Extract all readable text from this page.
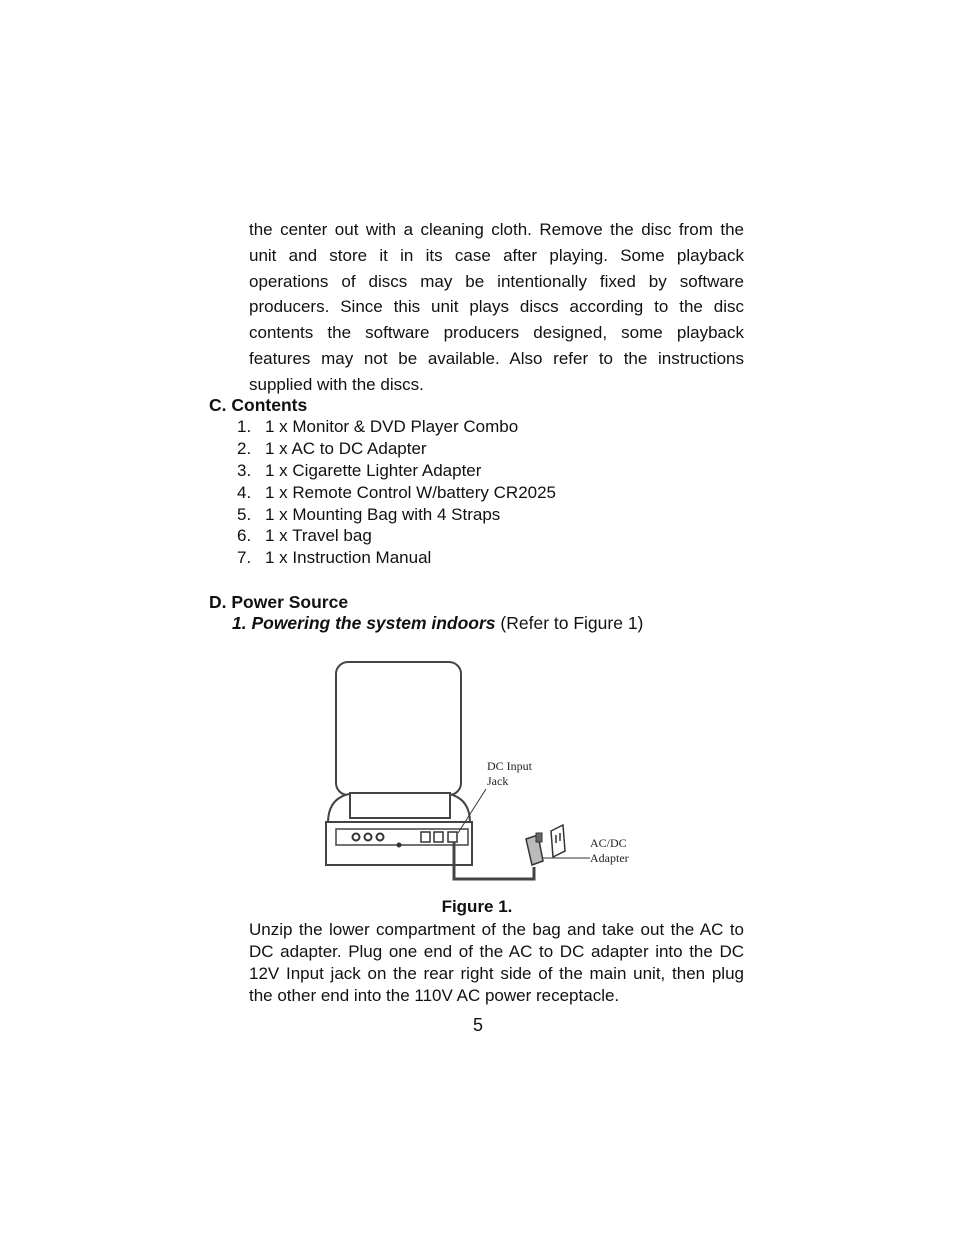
the center out with a cleaning cloth. Remove the disc from the unit and store it in its case after playing. Some playback operations of discs may be intentionally fixed by software producers. Since this unit plays discs according to the disc contents the software producers designed, some playback features may not be available. Also refer to the instructions supplied with the discs.

C. Contents
1. 1 x Monitor & DVD Player Combo
2. 1 x AC to DC Adapter
3. 1 x Cigarette Lighter Adapter
4. 1 x Remote Control W/battery CR2025
5. 1 x Mounting Bag with 4 Straps
6. 1 x Travel bag
7. 1 x Instruction Manual
D. Power Source

1. Powering the system indoors (Refer to Figure 1)

DC Input
Jack
AC/DC
Adapter

Figure 1.

Unzip the lower compartment of the bag and take out the AC to DC adapter. Plug one end of the AC to DC adapter into the DC 12V Input jack on the rear right side of the main unit, then plug the other end into the 110V AC power receptacle.

5
